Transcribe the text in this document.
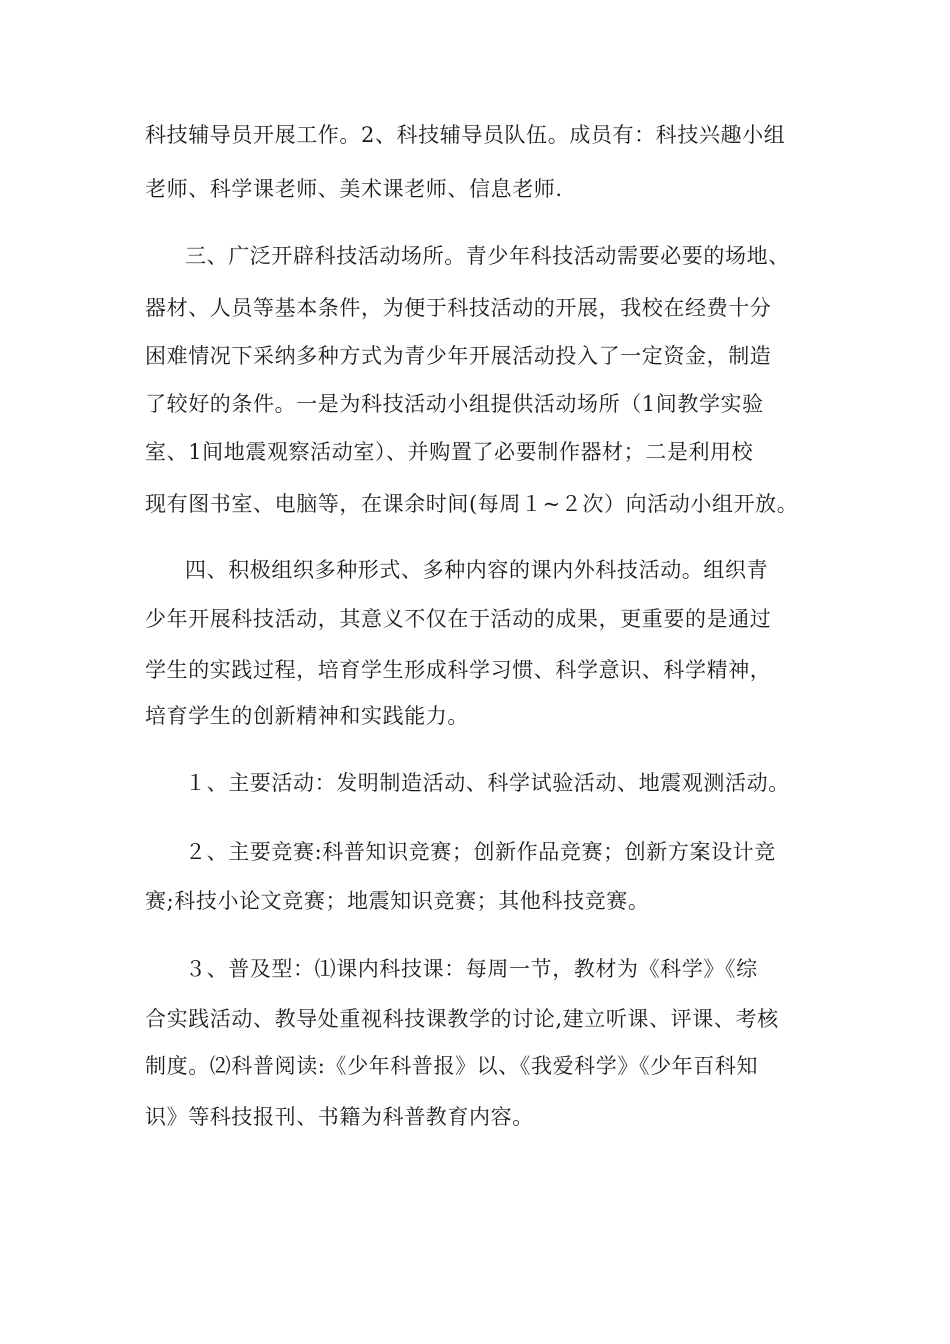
科技辅导员开展工作。2、科技辅导员队伍。成员有：科技兴趣小组
老师、科学课老师、美术课老师、信息老师.
三、广泛开辟科技活动场所。青少年科技活动需要必要的场地、
器材、人员等基本条件，为便于科技活动的开展，我校在经费十分
困难情况下采纳多种方式为青少年开展活动投入了一定资金，制造
了较好的条件。一是为科技活动小组提供活动场所（1间教学实验
室、1间地震观察活动室）、并购置了必要制作器材；二是利用校
现有图书室、电脑等，在课余时间(每周１~２次）向活动小组开放。
四、积极组织多种形式、多种内容的课内外科技活动。组织青
少年开展科技活动，其意义不仅在于活动的成果，更重要的是通过
学生的实践过程，培育学生形成科学习惯、科学意识、科学精神，
培育学生的创新精神和实践能力。
１、主要活动：发明制造活动、科学试验活动、地震观测活动。
２、主要竞赛:科普知识竞赛；创新作品竞赛；创新方案设计竞
赛;科技小论文竞赛；地震知识竞赛；其他科技竞赛。
３、普及型：⑴课内科技课：每周一节，教材为《科学》《综
合实践活动、教导处重视科技课教学的讨论,建立听课、评课、考核
制度。⑵科普阅读:《少年科普报》以、《我爱科学》《少年百科知
识》等科技报刊、书籍为科普教育内容。
